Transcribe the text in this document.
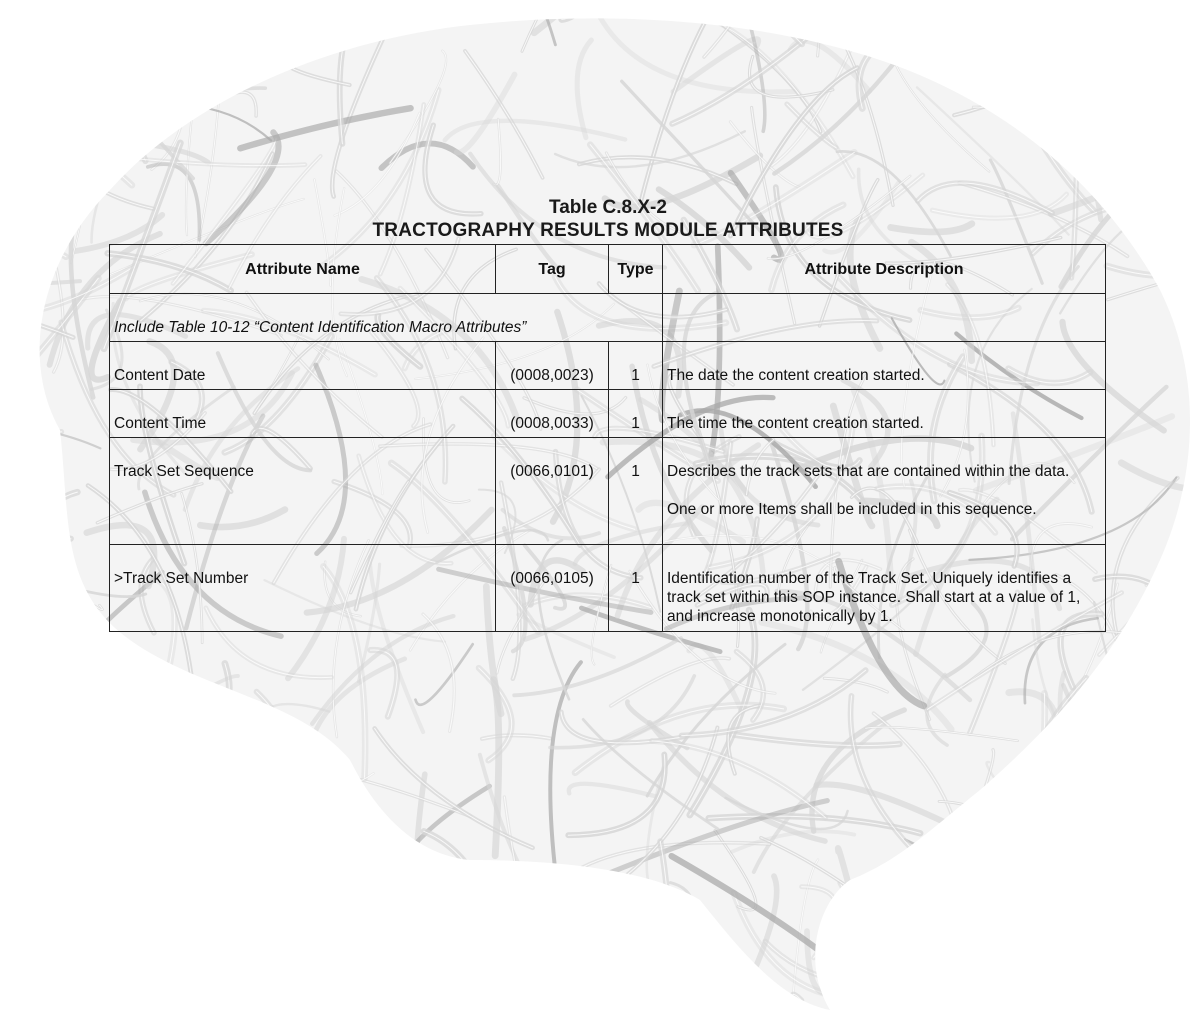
Table C.8.X-2
TRACTOGRAPHY RESULTS MODULE ATTRIBUTES
Attribute Name	Tag	Type	Attribute Description

Include Table 10-12 “Content Identification Macro Attributes”			

Content Date	(0008,0023)	1	The date the content creation started.

Content Time	(0008,0033)	1	The time the content creation started.

Track Set Sequence	(0066,0101)	1	Describes the track sets that are contained within the data.
One or more Items shall be included in this sequence.

>Track Set Number	(0066,0105)	1	Identification number of the Track Set. Uniquely identifies a track set within this SOP instance. Shall start at a value of 1, and increase monotonically by 1.
